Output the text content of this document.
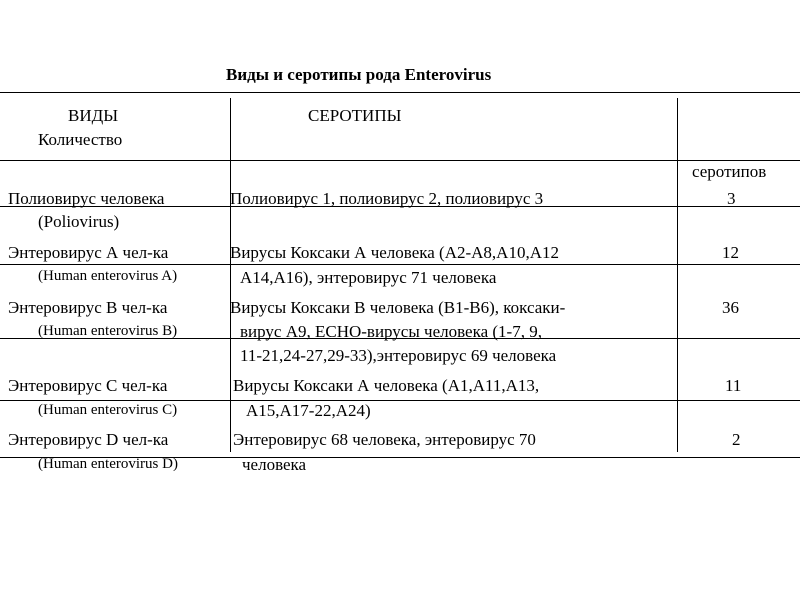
Виды и серотипы рода Enterovirus
ВИДЫ
Количество
СЕРОТИПЫ
серотипов
Полиовирус человека
(Poliovirus)
Полиовирус 1, полиовирус 2, полиовирус 3	3
Энтеровирус А чел-ка
(Human enterovirus A)
Вирусы Коксаки А человека (А2-А8,А10,А12
А14,А16), энтеровирус 71 человека
12
Энтеровирус В чел-ка
(Human enterovirus B)
Вирусы Коксаки В человека (В1-В6), коксаки-
вирус А9, ЕСНО-вирусы человека (1-7, 9,
11-21,24-27,29-33),энтеровирус 69 человека
36
Энтеровирус С чел-ка
(Human enterovirus C)
Вирусы Коксаки А человека (А1,А11,А13,
А15,А17-22,А24)
11
Энтеровирус D чел-ка
(Human enterovirus D)
Энтеровирус 68 человека, энтеровирус 70
человека
2
